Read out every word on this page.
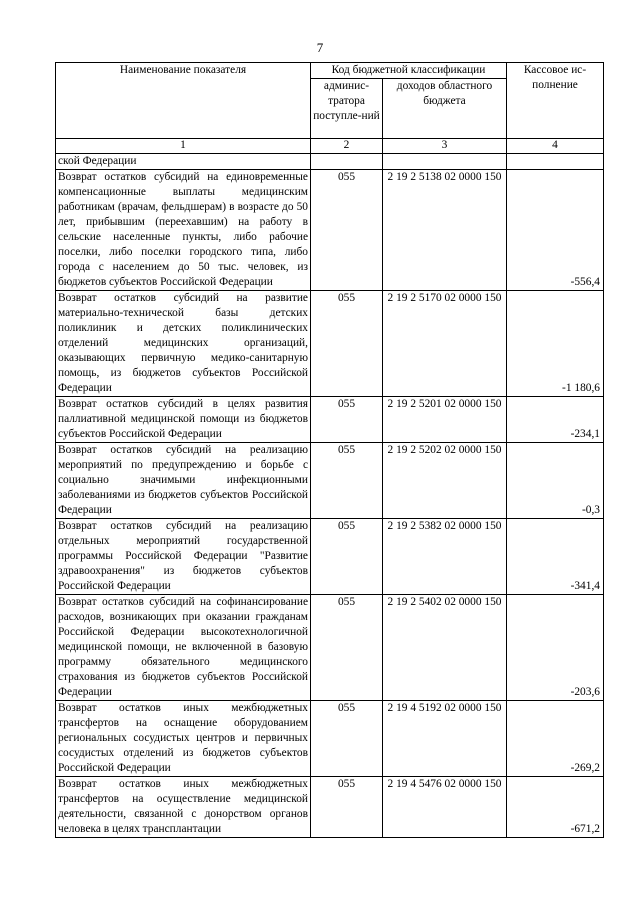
7
Наименование показателя	Код бюджетной классификации		Кассовое ис-полнение
	админис-тратора поступле-ний	доходов областного бюджета	
1	2	3	4
ской Федерации			
Возврат остатков субсидий на единовременные компенсационные выплаты медицинским работникам (врачам, фельдшерам) в возрасте до 50 лет, прибывшим (переехавшим) на работу в сельские населенные пункты, либо рабочие поселки, либо поселки городского типа, либо города с населением до 50 тыс. человек, из бюджетов субъектов Российской Федерации	055	2 19 2 5138 02 0000 150	-556,4
Возврат остатков субсидий на развитие материально-технической базы детских поликлиник и детских поликлинических отделений медицинских организаций, оказывающих первичную медико-санитарную помощь, из бюджетов субъектов Российской Федерации	055	2 19 2 5170 02 0000 150	-1 180,6
Возврат остатков субсидий в целях развития паллиативной медицинской помощи из бюджетов субъектов Российской Федерации	055	2 19 2 5201 02 0000 150	-234,1
Возврат остатков субсидий на реализацию мероприятий по предупреждению и борьбе с социально значимыми инфекционными заболеваниями из бюджетов субъектов Российской Федерации	055	2 19 2 5202 02 0000 150	-0,3
Возврат остатков субсидий на реализацию отдельных мероприятий государственной программы Российской Федерации "Развитие здравоохранения" из бюджетов субъектов Российской Федерации	055	2 19 2 5382 02 0000 150	-341,4
Возврат остатков субсидий на софинансирование расходов, возникающих при оказании гражданам Российской Федерации высокотехнологичной медицинской помощи, не включенной в базовую программу обязательного медицинского страхования из бюджетов субъектов Российской Федерации	055	2 19 2 5402 02 0000 150	-203,6
Возврат остатков иных межбюджетных трансфертов на оснащение оборудованием региональных сосудистых центров и первичных сосудистых отделений из бюджетов субъектов Российской Федерации	055	2 19 4 5192 02 0000 150	-269,2
Возврат остатков иных межбюджетных трансфертов на осуществление медицинской деятельности, связанной с донорством органов человека в целях трансплантации	055	2 19 4 5476 02 0000 150	-671,2
